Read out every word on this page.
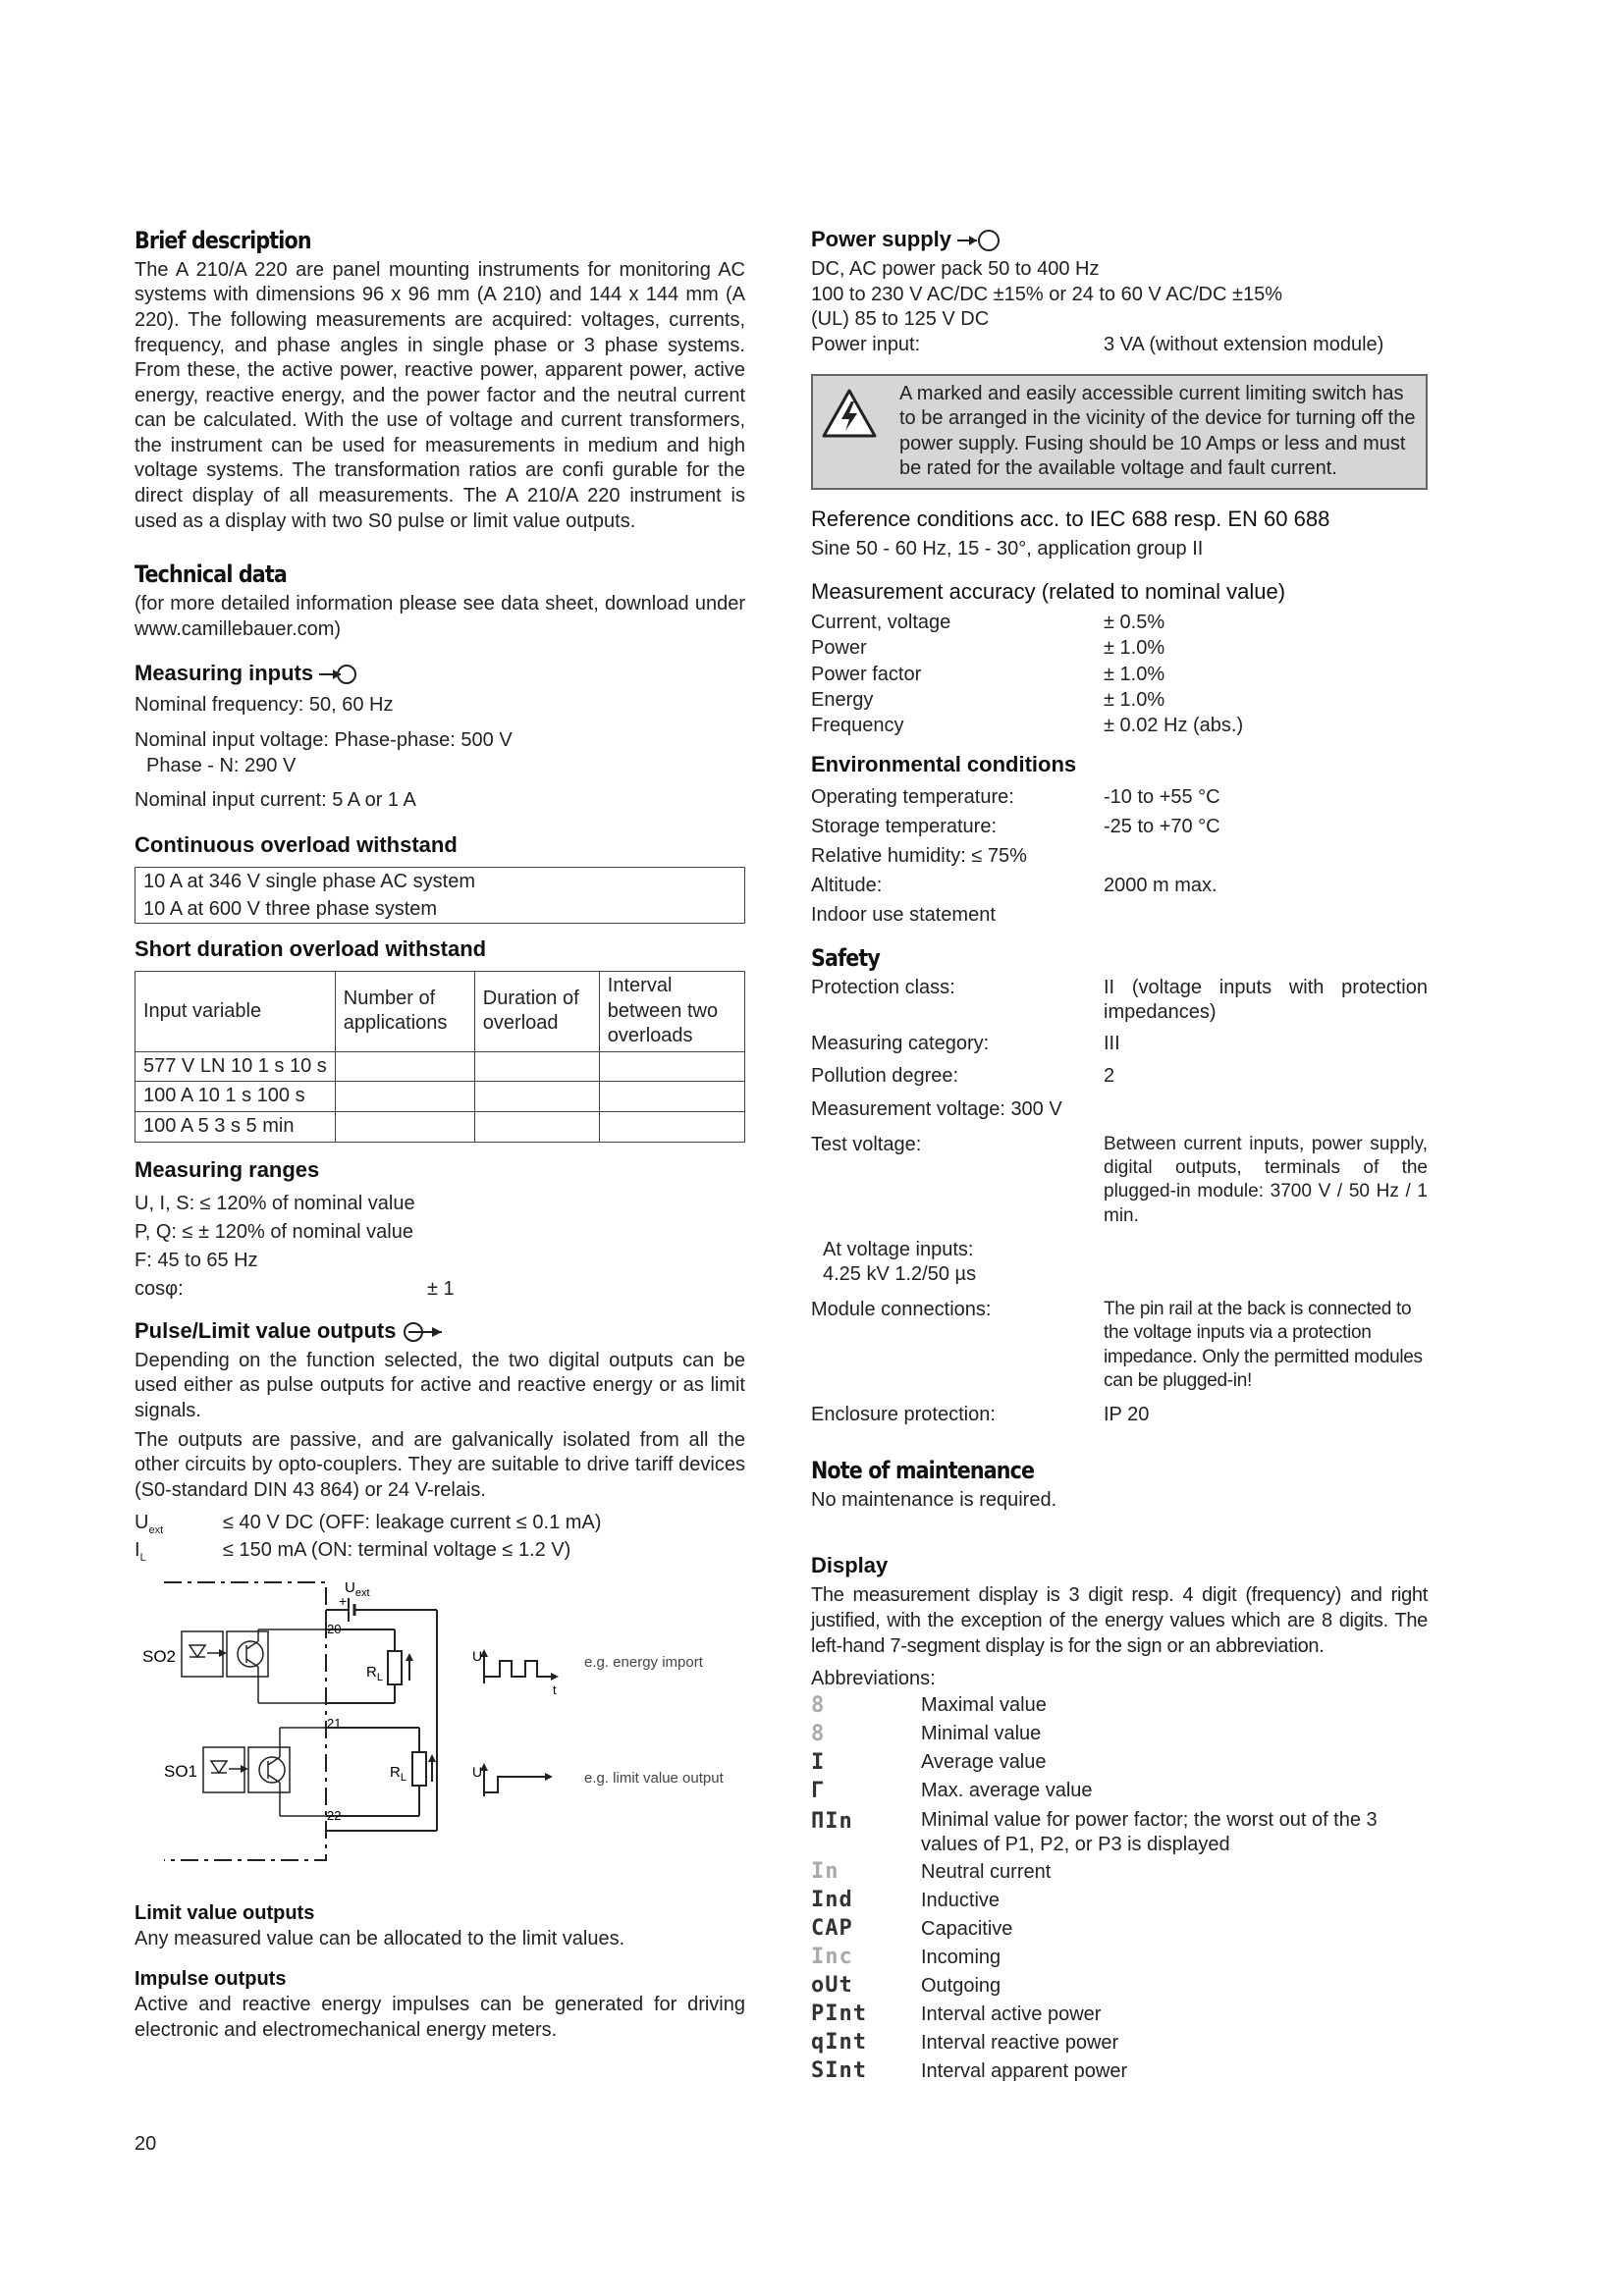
Brief description

The A 210/A 220 are panel mounting instruments for monitoring AC systems with dimensions 96 x 96 mm (A 210) and 144 x 144 mm (A 220). The following measurements are acquired: voltages, currents, frequency, and phase angles in single phase or 3 phase systems. From these, the active power, reactive power, apparent power, active energy, reactive energy, and the power factor and the neutral current can be calculated. With the use of voltage and current transformers, the instrument can be used for measurements in medium and high voltage systems. The transformation ratios are confi gurable for the direct display of all measurements. The A 210/A 220 instrument is used as a display with two S0 pulse or limit value outputs.

Technical data

(for more detailed information please see data sheet, download under www.camillebauer.com)

Measuring inputs

Nominal frequency: 50, 60 Hz

Nominal input voltage: Phase-phase: 500 V

Phase - N: 290 V

Nominal input current: 5 A or 1 A

Continuous overload withstand
10 A at 346 V single phase AC system
10 A at 600 V three phase system
Short duration overload withstand
Input variable	Number of applications	Duration of overload	Interval between two overloads
577 V LN 10 1 s 10 s			
100 A 10 1 s 100 s			
100 A 5 3 s 5 min			
Measuring ranges

U, I, S: ≤ 120% of nominal value

P, Q: ≤ ± 120% of nominal value

F: 45 to 65 Hz

cosφ:	± 1
Pulse/Limit value outputs

Depending on the function selected, the two digital outputs can be used either as pulse outputs for active and reactive energy or as limit signals.

The outputs are passive, and are galvanically isolated from all the other circuits by opto-couplers. They are suitable to drive tariff devices (S0-standard DIN 43 864) or 24 V-relais.

$U_{ext}$	≤ 40 V DC (OFF: leakage current ≤ 0.1 mA)
$I_L$	≤ 150 mA (ON: terminal voltage ≤ 1.2 V)
$U_{ext}$
+
20
$R_L$
21
$R_L$
22
SO2
SO1
U
t
e.g. energy import
U	e.g. limit value output
Limit value outputs

Any measured value can be allocated to the limit values.

Impulse outputs

Active and reactive energy impulses can be generated for driving electronic and electromechanical energy meters.

Power supply

DC, AC power pack 50 to 400 Hz

100 to 230 V AC/DC ±15% or 24 to 60 V AC/DC ±15%

(UL) 85 to 125 V DC

Power input:	3 VA (without extension module)

A marked and easily accessible current limiting switch has to be arranged in the vicinity of the device for turning off the power supply. Fusing should be 10 Amps or less and must be rated for the available voltage and fault current.

Reference conditions acc. to IEC 688 resp. EN 60 688

Sine 50 - 60 Hz, 15 - 30°, application group II

Measurement accuracy (related to nominal value)
Current, voltage	± 0.5%
Power	± 1.0%
Power factor	± 1.0%
Energy	± 1.0%
Frequency	± 0.02 Hz (abs.)
Environmental conditions
Operating temperature:	-10 to +55 °C
Storage temperature:	-25 to +70 °C
Relative humidity: ≤ 75%
Altitude:	2000 m max.
Indoor use statement
Safety
Protection class:	II (voltage inputs with protection impedances)
Measuring category:	III
Pollution degree:	2
Measurement voltage: 300 V
Test voltage:	Between current inputs, power supply, digital outputs, terminals of the plugged-in module: 3700 V / 50 Hz / 1 min.
At voltage inputs:
4.25 kV 1.2/50 µs
Module connections:	The pin rail at the back is connected to the voltage inputs via a protection impedance. Only the permitted modules can be plugged-in!
Enclosure protection:	IP 20
Note of maintenance

No maintenance is required.

Display

The measurement display is 3 digit resp. 4 digit (frequency) and right justified, with the exception of the energy values which are 8 digits. The left-hand 7-segment display is for the sign or an abbreviation.

Abbreviations:

8	Maximal value
8	Minimal value
I	Average value
Γ	Max. average value
ΠIn	Minimal value for power factor; the worst out of the 3 values of P1, P2, or P3 is displayed
In	Neutral current
Ind	Inductive
CAP	Capacitive
Inc	Incoming
oUt	Outgoing
PInt	Interval active power
qInt	Interval reactive power
SInt	Interval apparent power
20
